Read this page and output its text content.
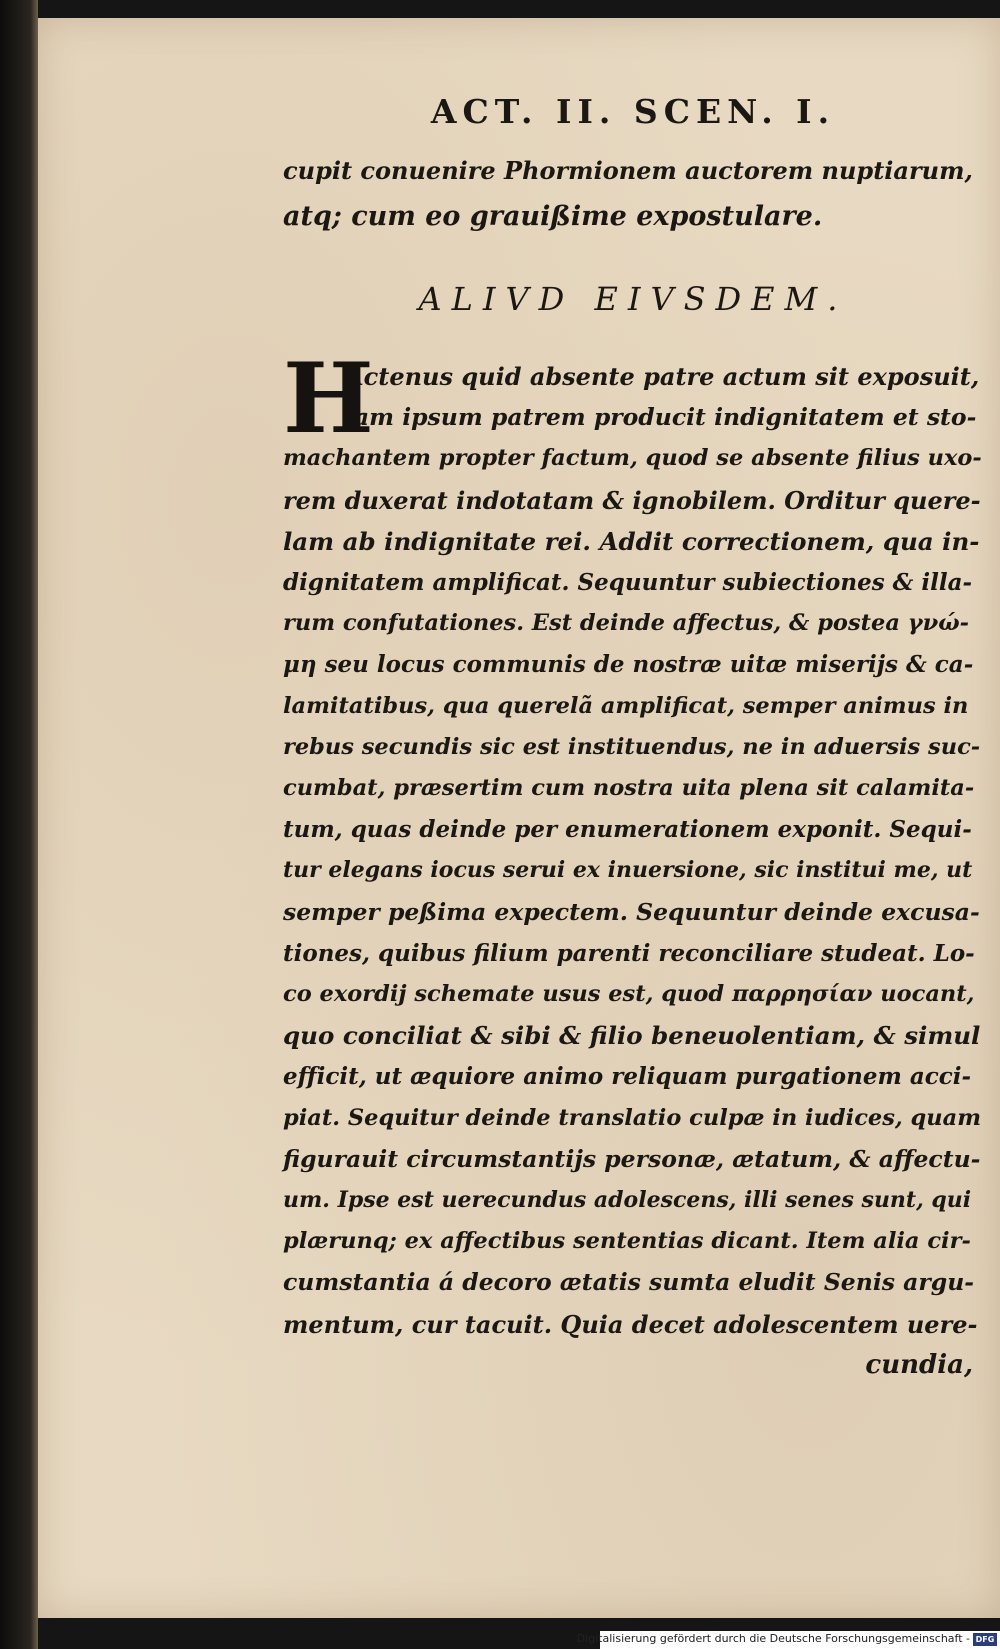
ACT. II. SCEN. I.
cupit conuenire Phormionem auctorem nuptiarum,
atq; cum eo grauißime expostulare.
ALIVD EIVSDEM.
H
Actenus quid absente patre actum sit exposuit,
iam ipsum patrem producit indignitatem et sto-
machantem propter factum, quod se absente filius uxo-
rem duxerat indotatam & ignobilem. Orditur quere-
lam ab indignitate rei. Addit correctionem, qua in-
dignitatem amplificat. Sequuntur subiectiones & illa-
rum confutationes. Est deinde affectus, & postea γνώ-
μη seu locus communis de nostræ uitæ miserijs & ca-
lamitatibus, qua querelã amplificat, semper animus in
rebus secundis sic est instituendus, ne in aduersis suc-
cumbat, præsertim cum nostra uita plena sit calamita-
tum, quas deinde per enumerationem exponit. Sequi-
tur elegans iocus serui ex inuersione, sic institui me, ut
semper peßima expectem. Sequuntur deinde excusa-
tiones, quibus filium parenti reconciliare studeat. Lo-
co exordij schemate usus est, quod παρρησίαν uocant,
quo conciliat & sibi & filio beneuolentiam, & simul
efficit, ut æquiore animo reliquam purgationem acci-
piat. Sequitur deinde translatio culpæ in iudices, quam
figurauit circumstantijs personæ, ætatum, & affectu-
um. Ipse est uerecundus adolescens, illi senes sunt, qui
plærunq; ex affectibus sententias dicant. Item alia cir-
cumstantia á decoro ætatis sumta eludit Senis argu-
mentum, cur tacuit. Quia decet adolescentem uere-
cundia,
Digitalisierung gefördert durch die Deutsche Forschungsgemeinschaft - DFG
